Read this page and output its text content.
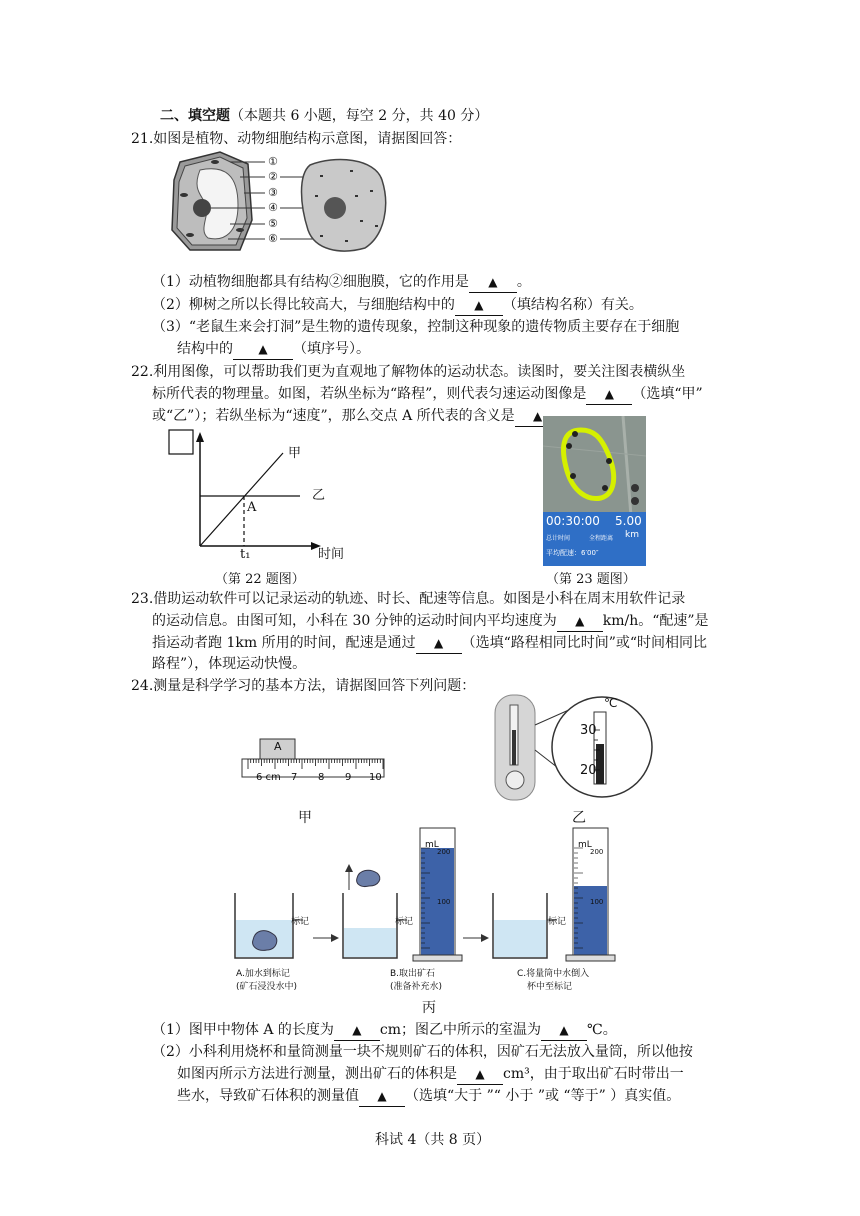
二、填空题（本题共 6 小题，每空 2 分，共 40 分）
21.如图是植物、动物细胞结构示意图，请据图回答：
①
②
③
④
⑤
⑥
（1）动植物细胞都具有结构②细胞膜，它的作用是 ▲ 。
（2）柳树之所以长得比较高大，与细胞结构中的 ▲ （填结构名称）有关。
（3）“老鼠生来会打洞”是生物的遗传现象，控制这种现象的遗传物质主要存在于细胞
结构中的 ▲ （填序号）。
22.利用图像，可以帮助我们更为直观地了解物体的运动状态。读图时，要关注图表横纵坐
标所代表的物理量。如图，若纵坐标为“路程”，则代表匀速运动图像是 ▲ （选填“甲”
或“乙”）；若纵坐标为“速度”，那么交点 A 所代表的含义是 ▲
甲
乙
A
t₁	时间
（第 22 题图）
00:30:00 5.00
总计时间	全程距离 km
平均配速：6′00″
（第 23 题图）
23.借助运动软件可以记录运动的轨迹、时长、配速等信息。如图是小科在周末用软件记录
的运动信息。由图可知，小科在 30 分钟的运动时间内平均速度为 ▲ km/h。“配速”是
指运动者跑 1km 所用的时间，配速是通过 ▲ （选填“路程相同比时间”或“时间相同比
路程”），体现运动快慢。
24.测量是科学学习的基本方法，请据图回答下列问题：
A
6 cm 7 8 9 10
℃
30
20
甲	乙
mL
200
100
mL
200
100
标记	标记	标记
A.加水到标记
(矿石浸没水中)
B.取出矿石
(准备补充水)
C.将量筒中水倒入
杯中至标记
丙
（1）图甲中物体 A 的长度为 ▲ cm；图乙中所示的室温为 ▲ ℃。
（2）小科利用烧杯和量筒测量一块不规则矿石的体积，因矿石无法放入量筒，所以他按
如图丙所示方法进行测量，测出矿石的体积是 ▲ cm³，由于取出矿石时带出一
些水，导致矿石体积的测量值 ▲ （选填“大于 ”“ 小于 ”或 “等于” ）真实值。
科试 4（共 8 页）
